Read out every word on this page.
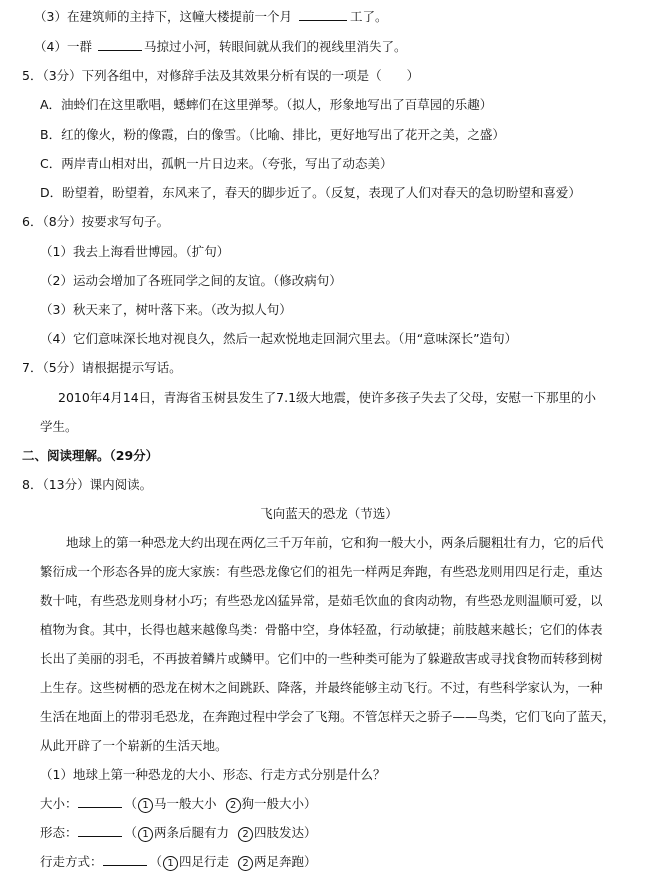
（3）在建筑师的主持下，这幢大楼提前一个月	工了。
（4）一群	马掠过小河，转眼间就从我们的视线里消失了。
5．（3分）下列各组中，对修辞手法及其效果分析有误的一项是（　　）
A．油蛉们在这里歌唱，蟋蟀们在这里弹琴。（拟人，形象地写出了百草园的乐趣）
B．红的像火，粉的像霞，白的像雪。（比喻、排比，更好地写出了花开之美，之盛）
C．两岸青山相对出，孤帆一片日边来。（夸张，写出了动态美）
D．盼望着，盼望着，东风来了，春天的脚步近了。（反复，表现了人们对春天的急切盼望和喜爱）
6．（8分）按要求写句子。
（1）我去上海看世博园。（扩句）
（2）运动会增加了各班同学之间的友谊。（修改病句）
（3）秋天来了，树叶落下来。（改为拟人句）
（4）它们意味深长地对视良久，然后一起欢悦地走回洞穴里去。（用“意味深长”造句）
7．（5分）请根据提示写话。
2010年4月14日，青海省玉树县发生了7.1级大地震，使许多孩子失去了父母，安慰一下那里的小
学生。
二、阅读理解。（29分）
8．（13分）课内阅读。
飞向蓝天的恐龙（节选）
地球上的第一种恐龙大约出现在两亿三千万年前，它和狗一般大小，两条后腿粗壮有力，它的后代
繁衍成一个形态各异的庞大家族：有些恐龙像它们的祖先一样两足奔跑，有些恐龙则用四足行走，重达
数十吨，有些恐龙则身材小巧；有些恐龙凶猛异常，是茹毛饮血的食肉动物，有些恐龙则温顺可爱，以
植物为食。其中，长得也越来越像鸟类：骨骼中空，身体轻盈，行动敏捷；前肢越来越长；它们的体表
长出了美丽的羽毛，不再披着鳞片或鳞甲。它们中的一些种类可能为了躲避敌害或寻找食物而转移到树
上生存。这些树栖的恐龙在树木之间跳跃、降落，并最终能够主动飞行。不过，有些科学家认为，一种
生活在地面上的带羽毛恐龙，在奔跑过程中学会了飞翔。不管怎样天之骄子——鸟类，它们飞向了蓝天，
从此开辟了一个崭新的生活天地。
（1）地球上第一种恐龙的大小、形态、行走方式分别是什么？
大小：	（ 1 马一般大小 2 狗一般大小）
形态：	（ 1 两条后腿有力 2 四肢发达）
行走方式：	（ 1 四足行走 2 两足奔跑）
